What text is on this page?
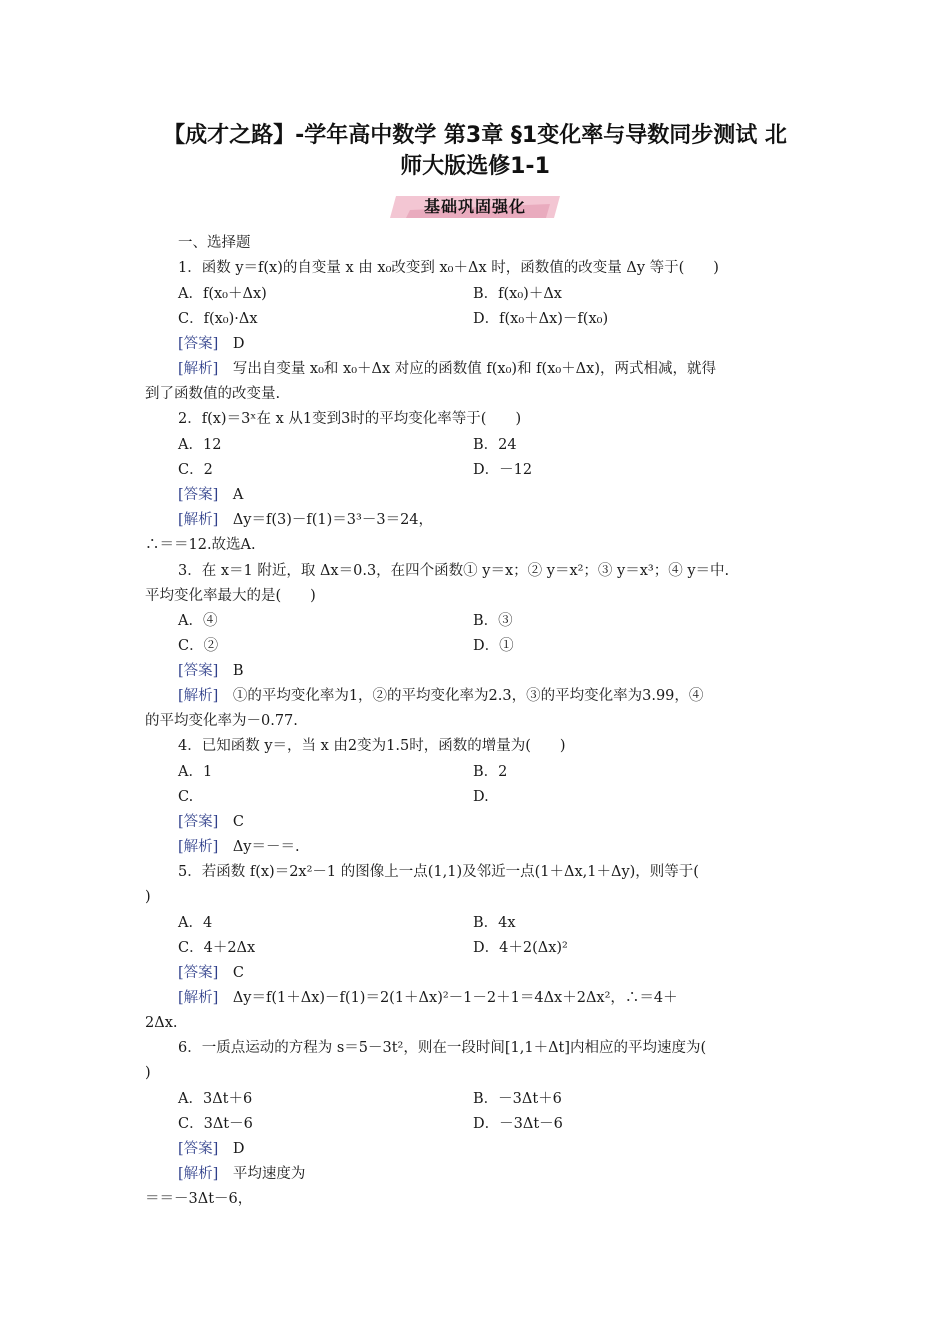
【成才之路】-学年高中数学 第3章 §1变化率与导数同步测试 北
师大版选修1-1
基础巩固强化
一、选择题
1．函数 y＝f(x)的自变量 x 由 x₀改变到 x₀＋Δx 时，函数值的改变量 Δy 等于(　　)
A．f(x₀＋Δx)	B．f(x₀)＋Δx
C．f(x₀)·Δx	D．f(x₀＋Δx)－f(x₀)
[答案]　 D
[解析]　 写出自变量 x₀和 x₀＋Δx 对应的函数值 f(x₀)和 f(x₀＋Δx)，两式相减，就得
到了函数值的改变量.
2．f(x)＝3ˣ在 x 从1变到3时的平均变化率等于(　　)
A．12	B．24
C．2	D．－12
[答案]　 A
[解析]　 Δy＝f(3)－f(1)＝3³－3＝24，
∴＝＝12.故选A.
3．在 x＝1 附近，取 Δx＝0.3，在四个函数① y＝x；② y＝x²；③ y＝x³；④ y＝中.
平均变化率最大的是(　　)
A．④	B．③
C．②	D．①
[答案]　 B
[解析]　 ①的平均变化率为1，②的平均变化率为2.3，③的平均变化率为3.99，④
的平均变化率为－0.77.
4．已知函数 y＝，当 x 由2变为1.5时，函数的增量为(　　)
A．1	B．2
C.	D.
[答案]　 C
[解析]　 Δy＝－＝.
5．若函数 f(x)＝2x²－1 的图像上一点(1,1)及邻近一点(1＋Δx,1＋Δy)，则等于(
)
A．4	B．4x
C．4＋2Δx	D．4＋2(Δx)²
[答案]　 C
[解析]　 Δy＝f(1＋Δx)－f(1)＝2(1＋Δx)²－1－2＋1＝4Δx＋2Δx²，∴＝4＋
2Δx.
6．一质点运动的方程为 s＝5－3t²，则在一段时间[1,1＋Δt]内相应的平均速度为(
)
A．3Δt＋6	B．－3Δt＋6
C．3Δt－6	D．－3Δt－6
[答案]　 D
[解析]　 平均速度为
＝＝－3Δt－6，
